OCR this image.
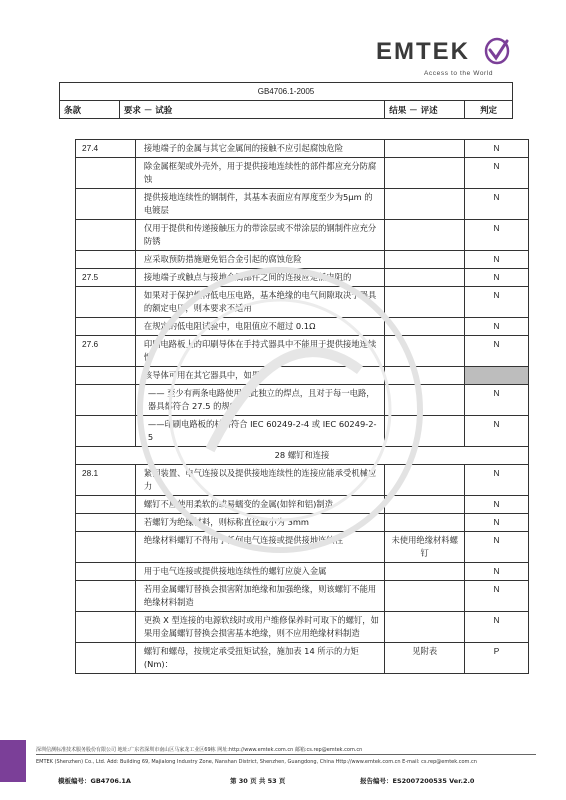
EMTEK
Access to the World
GB4706.1-2005
条款	要求 － 试验	结果 － 评述	判定
27.4	接地端子的金属与其它金属间的接触不应引起腐蚀危险		N
	除金属框架或外壳外，用于提供接地连续性的部件都应充分防腐蚀		N
	提供接地连续性的钢制件，其基本表面应有厚度至少为5μm 的电镀层		N
	仅用于提供和传递接触压力的带涂层或不带涂层的钢制件应充分防锈		N
	应采取预防措施避免铝合金引起的腐蚀危险		N
27.5	接地端子或触点与接地金属部件之间的连接应是低电阻的		N
	如果对于保护性特低电压电路，基本绝缘的电气间隙取决于器具的额定电压，则本要求不适用		N
	在规定的低电阻试验中，电阻值应不超过 0.1Ω		N
27.6	印刷电路板上的印刷导体在手持式器具中不能用于提供接地连续性		N
	该导体可用在其它器具中，如果		
	—— 至少有两条电路使用彼此独立的焊点，且对于每一电路，器具都符合 27.5 的规定		N
	——印刷电路板的材料符合 IEC 60249-2-4 或 IEC 60249-2-5		N
28 螺钉和连接			
28.1	紧固装置、电气连接以及提供接地连续性的连接应能承受机械应力		N
	螺钉不应使用柔软的或易蠕变的金属(如锌和铝)制造		N
	若螺钉为绝缘材料，则标称直径最小为 3mm		N
	绝缘材料螺钉不得用于任何电气连接或提供接地连续性	未使用绝缘材料螺钉	N
	用于电气连接或提供接地连续性的螺钉应旋入金属		N
	若用金属螺钉替换会损害附加绝缘和加强绝缘，则该螺钉不能用绝缘材料制造		N
	更换 X 型连接的电源软线时或用户维修保养时可取下的螺钉，如果用金属螺钉替换会损害基本绝缘，则不应用绝缘材料制造		N
	螺钉和螺母，按规定承受扭矩试验，施加表 14 所示的力矩(Nm)：	见附表	P
深圳信测标准技术服务股份有限公司 地址:广东省深圳市南山区马家龙工业区69栋 网址:http://www.emtek.com.cn 邮箱:cs.rep@emtek.com.cn
EMTEK (Shenzhen) Co., Ltd. Add: Building 69, Majialong Industry Zone, Nanshan District, Shenzhen, Guangdong, China Http://www.emtek.com.cn E-mail: cs.rep@emtek.com.cn
模板编号：GB4706.1A	第 30 页 共 53 页	报告编号：ES2007200535 Ver.2.0
